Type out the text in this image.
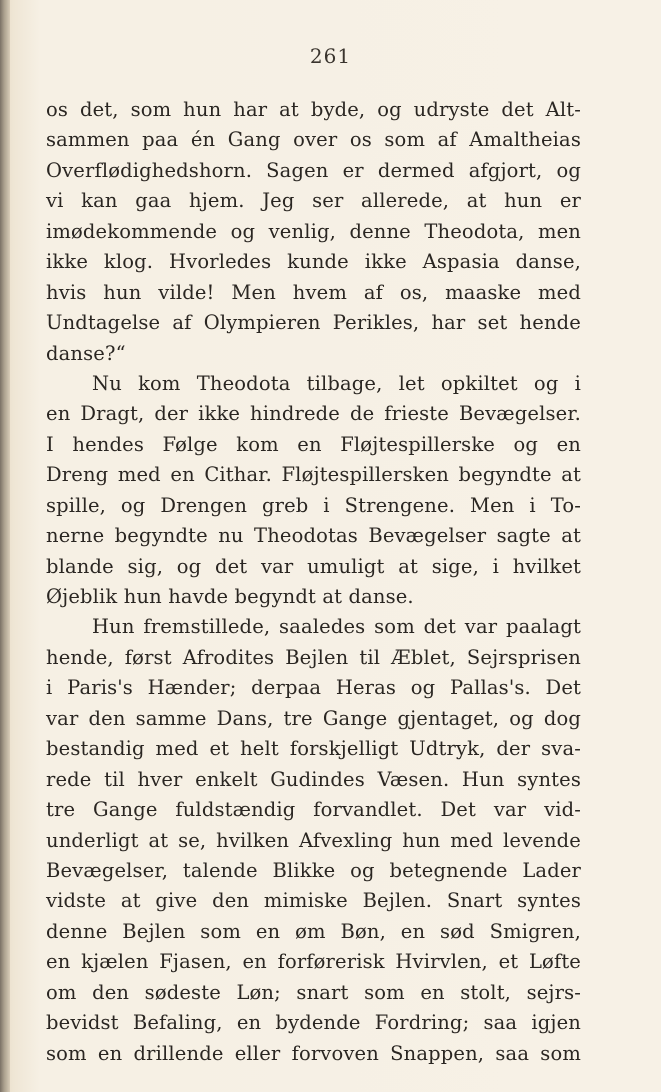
261
os det, som hun har at byde, og udryste det Alt-
sammen paa én Gang over os som af Amaltheias
Overflødighedshorn. Sagen er dermed afgjort, og
vi kan gaa hjem. Jeg ser allerede, at hun er
imødekommende og venlig, denne Theodota, men
ikke klog. Hvorledes kunde ikke Aspasia danse,
hvis hun vilde! Men hvem af os, maaske med
Undtagelse af Olympieren Perikles, har set hende
danse?“
Nu kom Theodota tilbage, let opkiltet og i
en Dragt, der ikke hindrede de frieste Bevægelser.
I hendes Følge kom en Fløjtespillerske og en
Dreng med en Cithar. Fløjtespillersken begyndte at
spille, og Drengen greb i Strengene. Men i To-
nerne begyndte nu Theodotas Bevægelser sagte at
blande sig, og det var umuligt at sige, i hvilket
Øjeblik hun havde begyndt at danse.
Hun fremstillede, saaledes som det var paalagt
hende, først Afrodites Bejlen til Æblet, Sejrsprisen
i Paris's Hænder; derpaa Heras og Pallas's. Det
var den samme Dans, tre Gange gjentaget, og dog
bestandig med et helt forskjelligt Udtryk, der sva-
rede til hver enkelt Gudindes Væsen. Hun syntes
tre Gange fuldstændig forvandlet. Det var vid-
underligt at se, hvilken Afvexling hun med levende
Bevægelser, talende Blikke og betegnende Lader
vidste at give den mimiske Bejlen. Snart syntes
denne Bejlen som en øm Bøn, en sød Smigren,
en kjælen Fjasen, en forførerisk Hvirvlen, et Løfte
om den sødeste Løn; snart som en stolt, sejrs-
bevidst Befaling, en bydende Fordring; saa igjen
som en drillende eller forvoven Snappen, saa som
